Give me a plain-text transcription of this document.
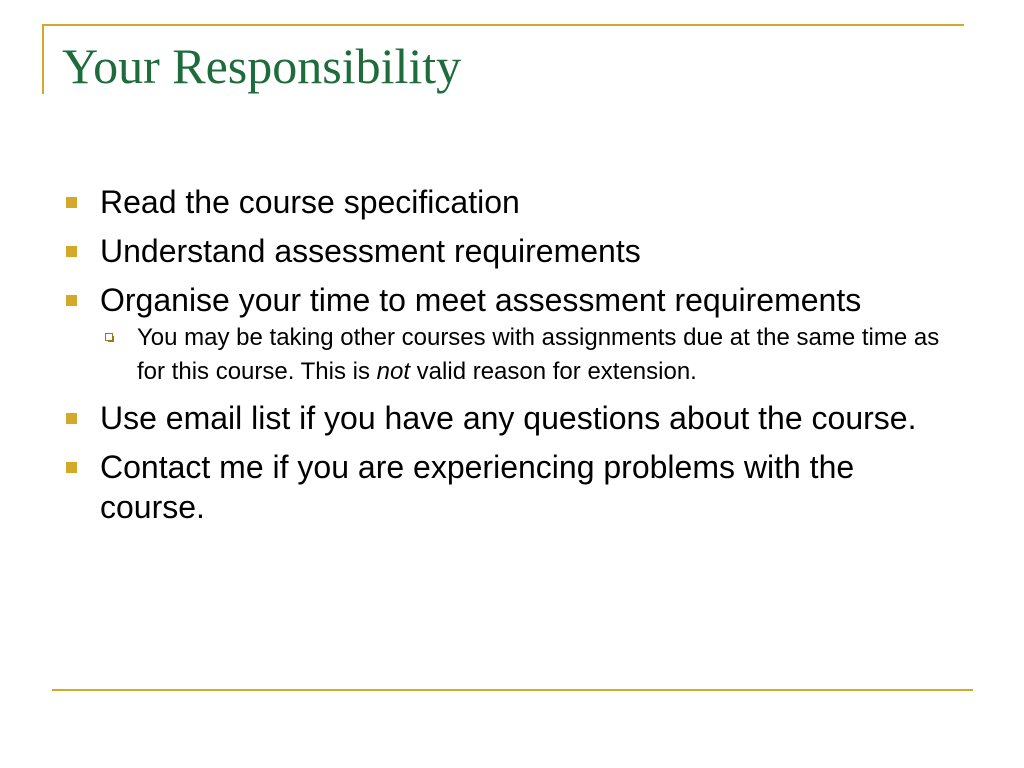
Your Responsibility
Read the course specification
Understand assessment requirements
Organise your time to meet assessment requirements
You may be taking other courses with assignments due at the same time as for this course. This is not valid reason for extension.
Use email list if you have any questions about the course.
Contact me if you are experiencing problems with the course.
